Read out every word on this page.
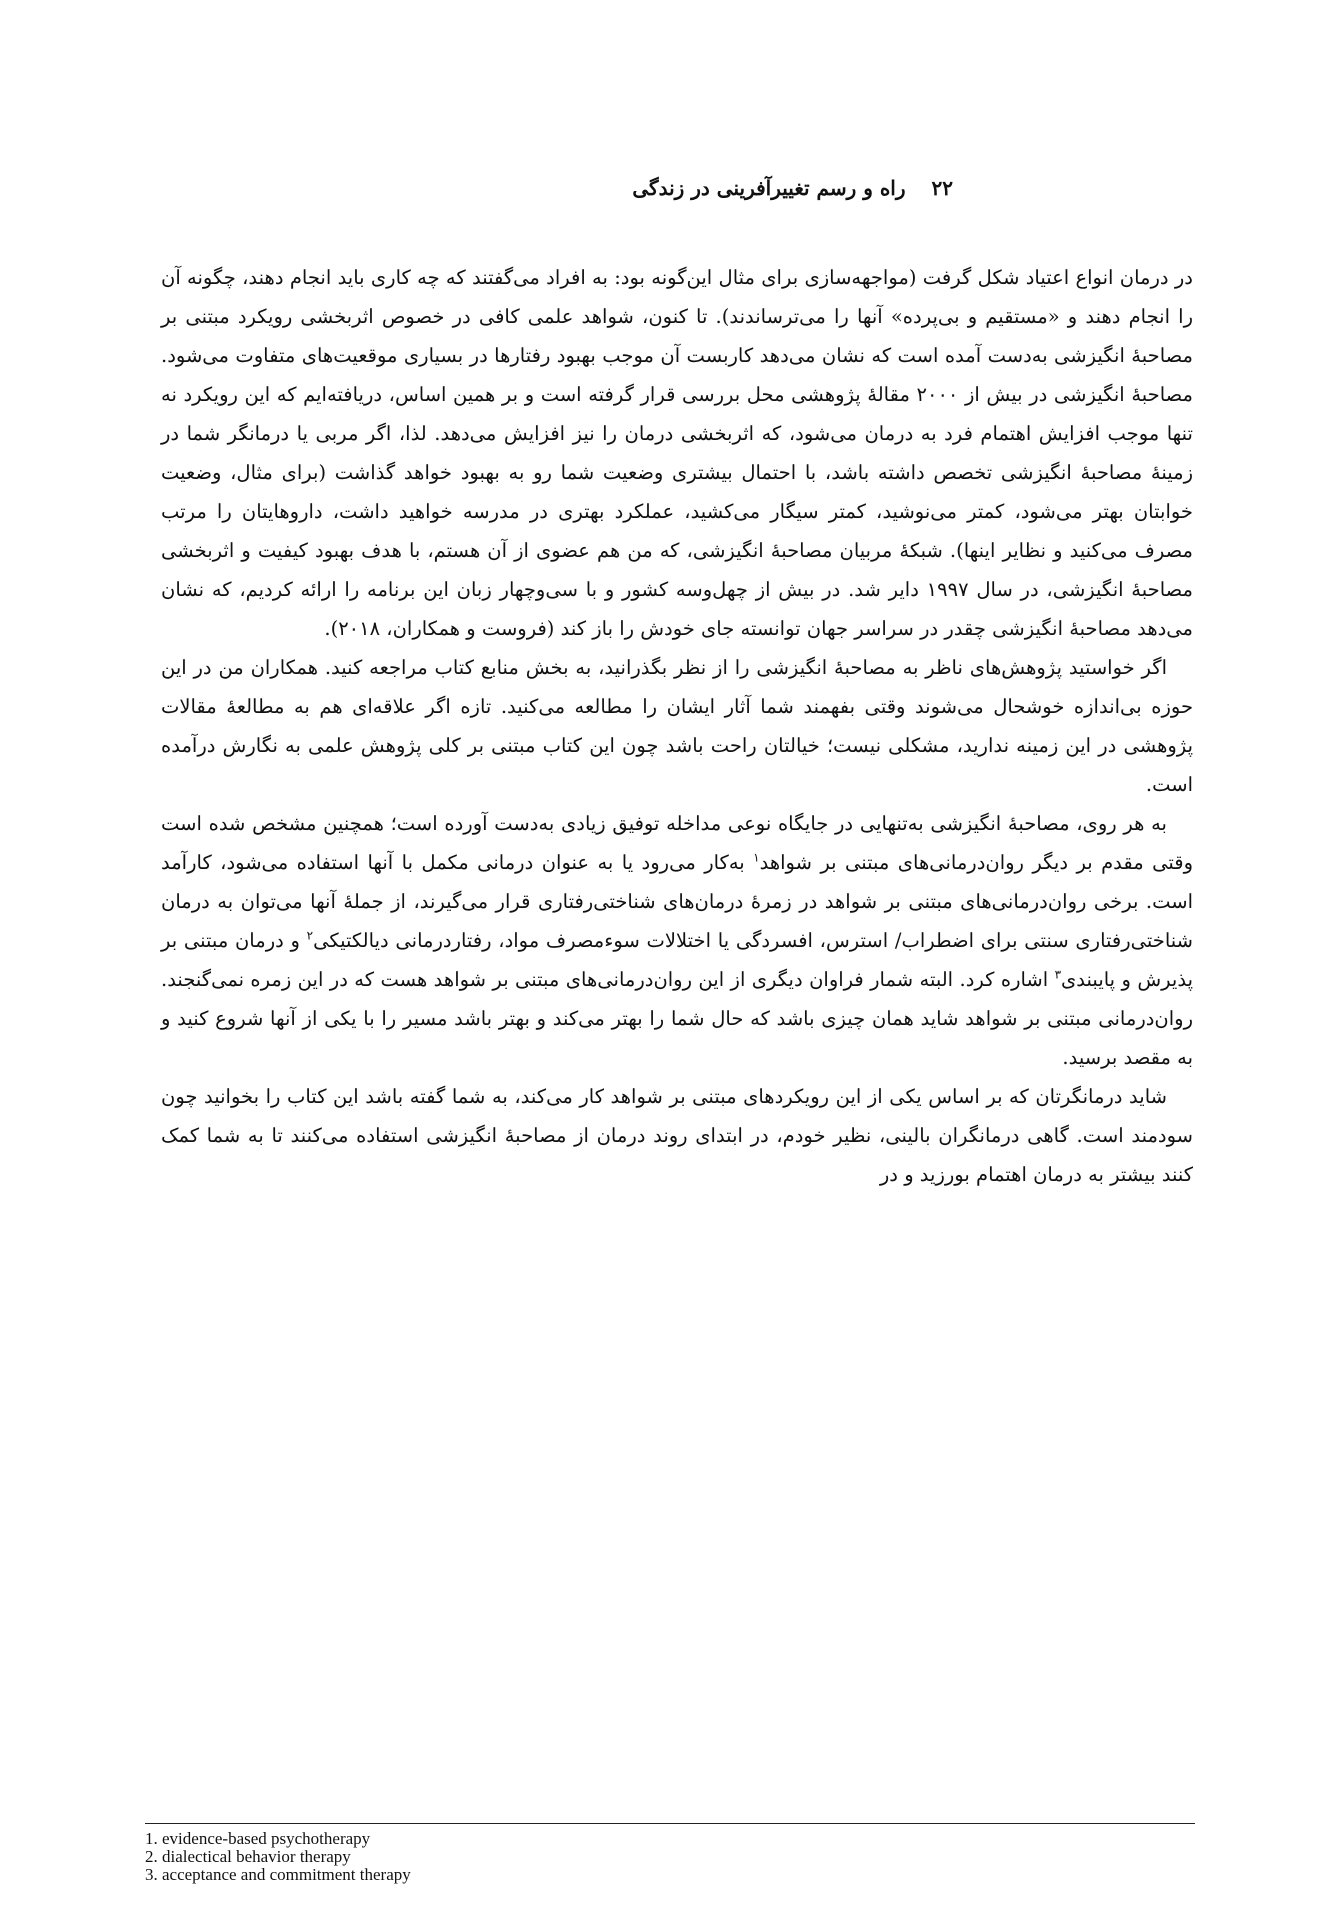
۲۲
راه و رسم تغییرآفرینی در زندگی

در درمان انواع اعتیاد شکل گرفت (مواجهه‌سازی برای مثال این‌گونه بود: به افراد می‌گفتند که چه کاری باید انجام دهند، چگونه آن را انجام دهند و «مستقیم و بی‌پرده» آنها را می‌ترساندند). تا کنون، شواهد علمی کافی در خصوص اثربخشی رویکرد مبتنی بر مصاحبهٔ انگیزشی به‌دست آمده است که نشان می‌دهد کاربست آن موجب بهبود رفتارها در بسیاری موقعیت‌های متفاوت می‌شود. مصاحبهٔ انگیزشی در بیش از ۲۰۰۰ مقالهٔ پژوهشی محل بررسی قرار گرفته است و بر همین اساس، دریافته‌ایم که این رویکرد نه تنها موجب افزایش اهتمام فرد به درمان می‌شود، که اثربخشی درمان را نیز افزایش می‌دهد. لذا، اگر مربی یا درمانگر شما در زمینهٔ مصاحبهٔ انگیزشی تخصص داشته باشد، با احتمال بیشتری وضعیت شما رو به بهبود خواهد گذاشت (برای مثال، وضعیت خوابتان بهتر می‌شود، کمتر می‌نوشید، کمتر سیگار می‌کشید، عملکرد بهتری در مدرسه خواهید داشت، داروهایتان را مرتب مصرف می‌کنید و نظایر اینها). شبکهٔ مربیان مصاحبهٔ انگیزشی، که من هم عضوی از آن هستم، با هدف بهبود کیفیت و اثربخشی مصاحبهٔ انگیزشی، در سال ۱۹۹۷ دایر شد. در بیش از چهل‌وسه کشور و با سی‌وچهار زبان این برنامه را ارائه کردیم، که نشان می‌دهد مصاحبهٔ انگیزشی چقدر در سراسر جهان توانسته جای خودش را باز کند (فروست و همکاران، ۲۰۱۸).

اگر خواستید پژوهش‌های ناظر به مصاحبهٔ انگیزشی را از نظر بگذرانید، به بخش منابع کتاب مراجعه کنید. همکاران من در این حوزه بی‌اندازه خوشحال می‌شوند وقتی بفهمند شما آثار ایشان را مطالعه می‌کنید. تازه اگر علاقه‌ای هم به مطالعهٔ مقالات پژوهشی در این زمینه ندارید، مشکلی نیست؛ خیالتان راحت باشد چون این کتاب مبتنی بر کلی پژوهش علمی به نگارش درآمده است.

به هر روی، مصاحبهٔ انگیزشی به‌تنهایی در جایگاه نوعی مداخله توفیق زیادی به‌دست آورده است؛ همچنین مشخص شده است وقتی مقدم بر دیگر روان‌درمانی‌های مبتنی بر شواهد$^۱$ به‌کار می‌رود یا به عنوان درمانی مکمل با آنها استفاده می‌شود، کارآمد است. برخی روان‌درمانی‌های مبتنی بر شواهد در زمرهٔ درمان‌های شناختی‌رفتاری قرار می‌گیرند، از جملهٔ آنها می‌توان به درمان شناختی‌رفتاری سنتی برای اضطراب/ استرس، افسردگی یا اختلالات سوءمصرف مواد، رفتاردرمانی دیالکتیکی$^۲$ و درمان مبتنی بر پذیرش و پایبندی$^۳$ اشاره کرد. البته شمار فراوان دیگری از این روان‌درمانی‌های مبتنی بر شواهد هست که در این زمره نمی‌گنجند. روان‌درمانی مبتنی بر شواهد شاید همان چیزی باشد که حال شما را بهتر می‌کند و بهتر باشد مسیر را با یکی از آنها شروع کنید و به مقصد برسید.

شاید درمانگرتان که بر اساس یکی از این رویکردهای مبتنی بر شواهد کار می‌کند، به شما گفته باشد این کتاب را بخوانید چون سودمند است. گاهی درمانگران بالینی، نظیر خودم، در ابتدای روند درمان از مصاحبهٔ انگیزشی استفاده می‌کنند تا به شما کمک کنند بیشتر به درمان اهتمام بورزید و در

1. evidence-based psychotherapy
2. dialectical behavior therapy
3. acceptance and commitment therapy
